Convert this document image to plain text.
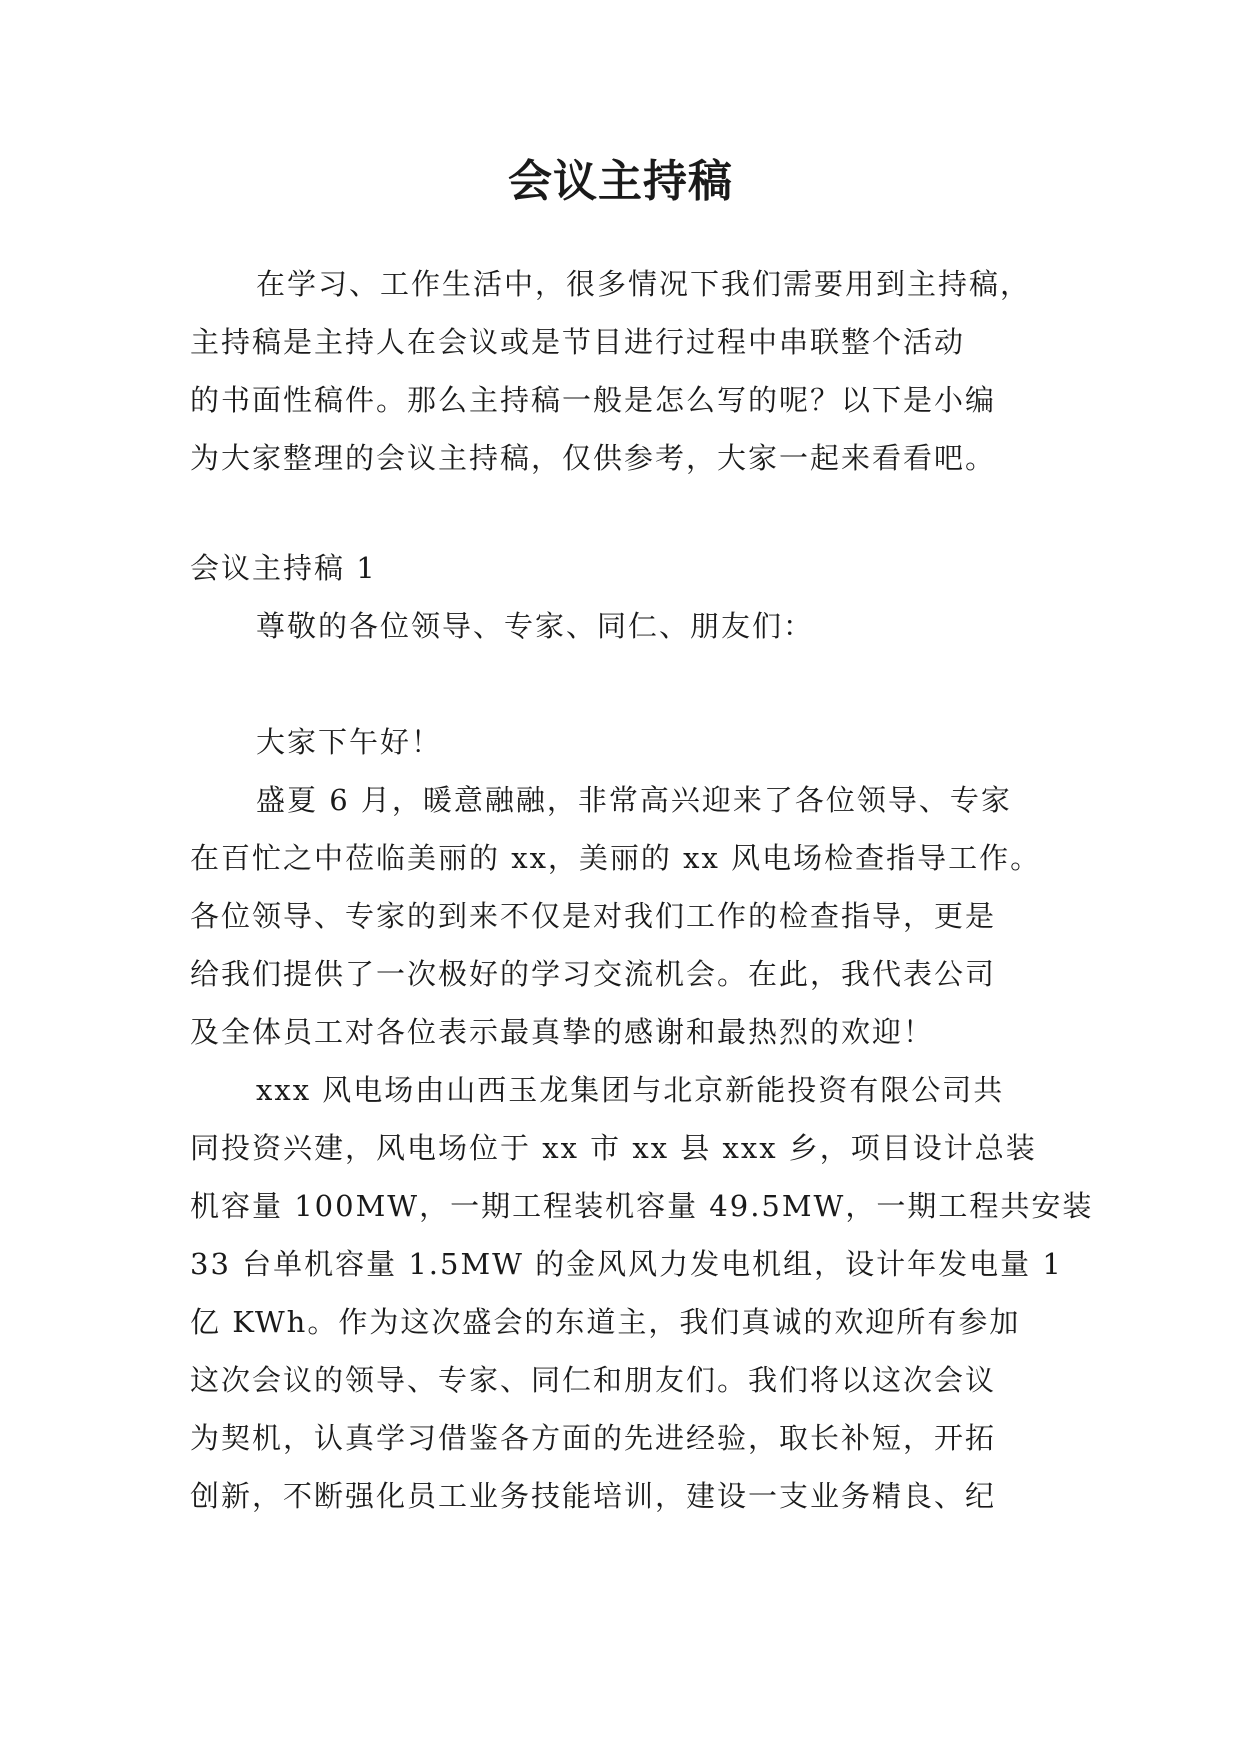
会议主持稿
在学习、工作生活中，很多情况下我们需要用到主持稿，
主持稿是主持人在会议或是节目进行过程中串联整个活动
的书面性稿件。那么主持稿一般是怎么写的呢？以下是小编
为大家整理的会议主持稿，仅供参考，大家一起来看看吧。
会议主持稿 1
尊敬的各位领导、专家、同仁、朋友们：
大家下午好！
盛夏 6 月，暖意融融，非常高兴迎来了各位领导、专家
在百忙之中莅临美丽的 xx，美丽的 xx 风电场检查指导工作。
各位领导、专家的到来不仅是对我们工作的检查指导，更是
给我们提供了一次极好的学习交流机会。在此，我代表公司
及全体员工对各位表示最真挚的感谢和最热烈的欢迎！
xxx 风电场由山西玉龙集团与北京新能投资有限公司共
同投资兴建，风电场位于 xx 市 xx 县 xxx 乡，项目设计总装
机容量 100MW，一期工程装机容量 49.5MW，一期工程共安装
33 台单机容量 1.5MW 的金风风力发电机组，设计年发电量 1
亿 KWh。作为这次盛会的东道主，我们真诚的欢迎所有参加
这次会议的领导、专家、同仁和朋友们。我们将以这次会议
为契机，认真学习借鉴各方面的先进经验，取长补短，开拓
创新，不断强化员工业务技能培训，建设一支业务精良、纪
